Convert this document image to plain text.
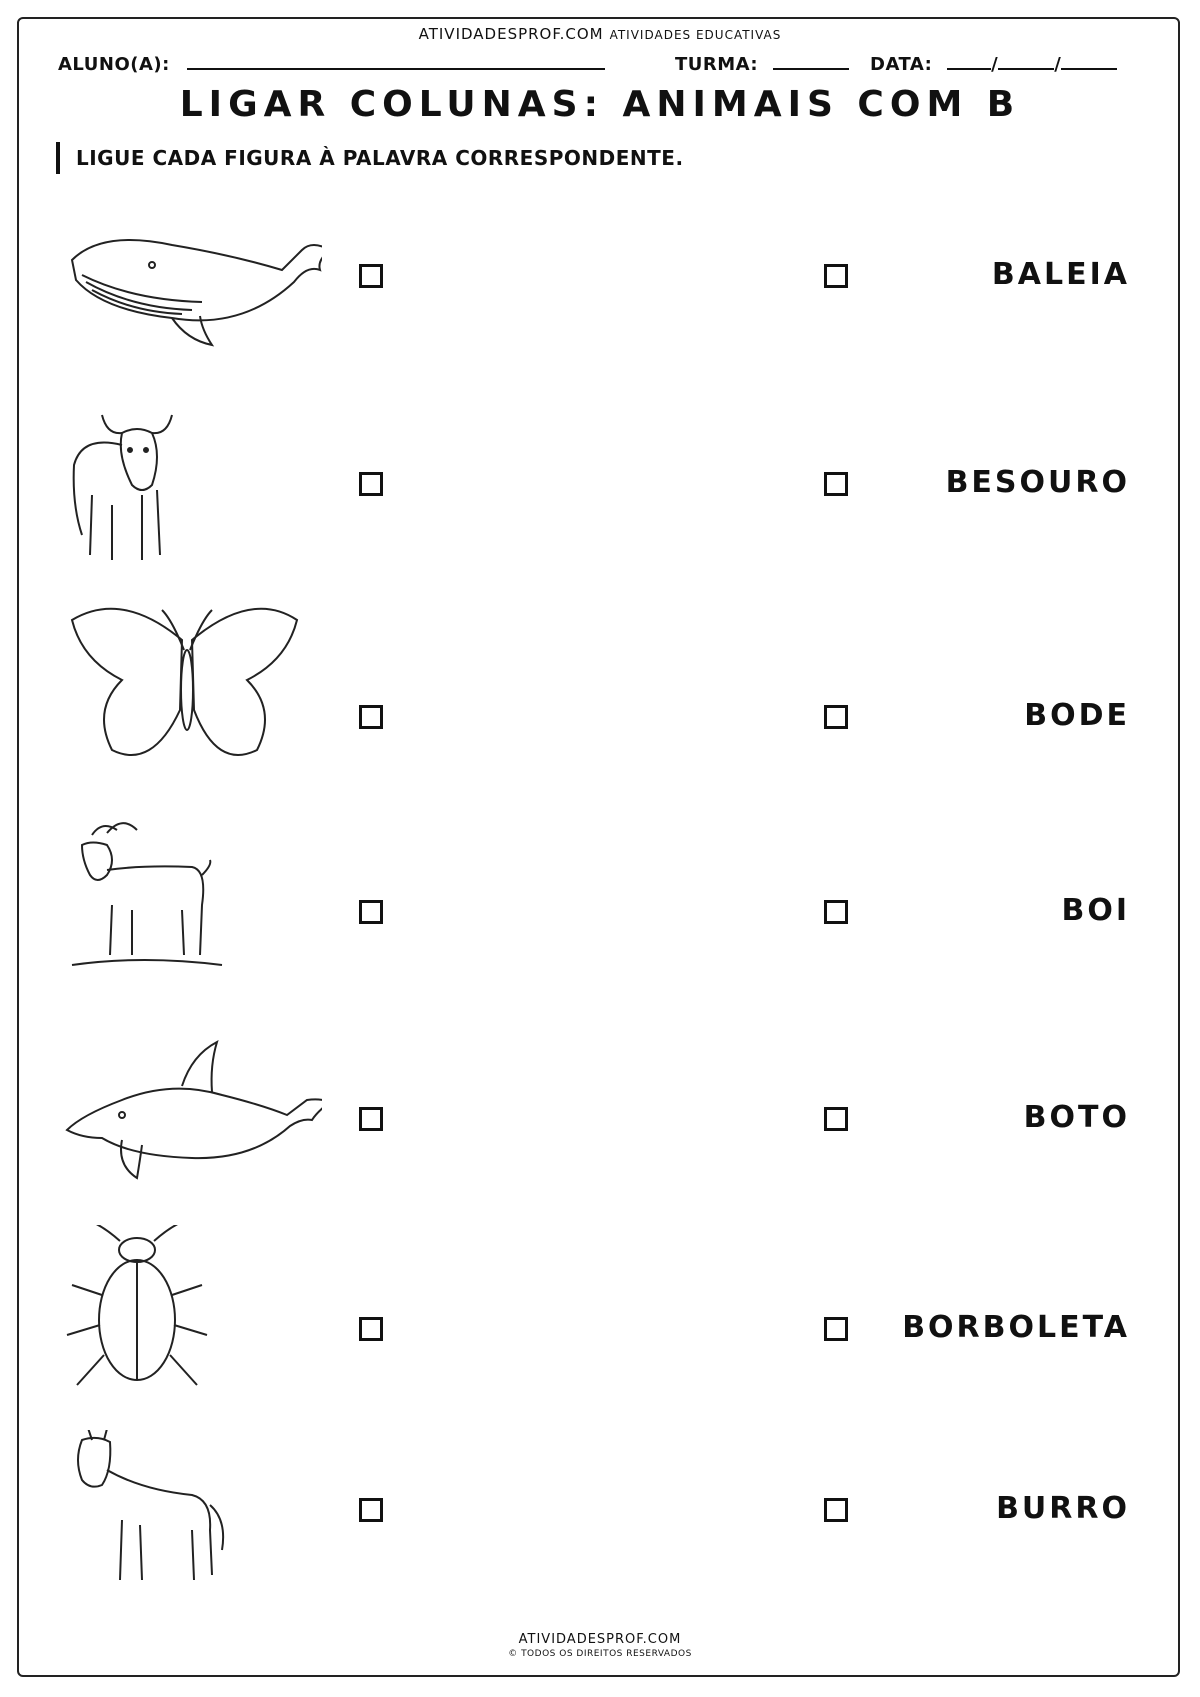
ATIVIDADESPROF.COM ATIVIDADES EDUCATIVAS
ALUNO(A):	TURMA:	DATA:	/	/
LIGAR COLUNAS: ANIMAIS COM B
LIGUE CADA FIGURA À PALAVRA CORRESPONDENTE.
BALEIA
BESOURO
BODE
BOI
BOTO
BORBOLETA
BURRO
ATIVIDADESPROF.COM
© TODOS OS DIREITOS RESERVADOS
